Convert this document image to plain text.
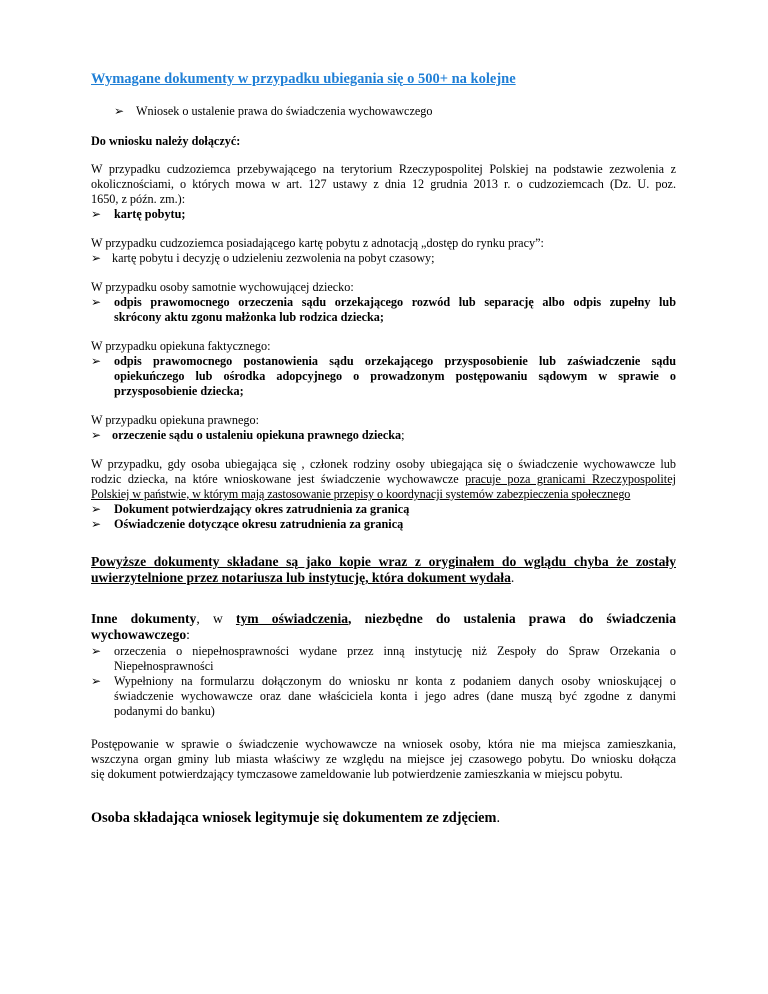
Wymagane dokumenty w przypadku ubiegania się o 500+ na kolejne
➢ Wniosek o ustalenie prawa do świadczenia wychowawczego
Do wniosku należy dołączyć:
W przypadku cudzoziemca przebywającego na terytorium Rzeczypospolitej Polskiej na podstawie zezwolenia z
okolicznościami, o których mowa w art. 127 ustawy z dnia 12 grudnia 2013 r. o cudzoziemcach (Dz. U. poz.
1650, z późn. zm.):
➢ kartę pobytu;
W przypadku cudzoziemca posiadającego kartę pobytu z adnotacją „dostęp do rynku pracy”:
➢ kartę pobytu i decyzję o udzieleniu zezwolenia na pobyt czasowy;
W przypadku osoby samotnie wychowującej dziecko:
➢ odpis prawomocnego orzeczenia sądu orzekającego rozwód lub separację albo odpis zupełny lub
skrócony aktu zgonu małżonka lub rodzica dziecka;
W przypadku opiekuna faktycznego:
➢ odpis prawomocnego postanowienia sądu orzekającego przysposobienie lub zaświadczenie sądu
opiekuńczego lub ośrodka adopcyjnego o prowadzonym postępowaniu sądowym w sprawie o
przysposobienie dziecka;
W przypadku opiekuna prawnego:
➢ orzeczenie sądu o ustaleniu opiekuna prawnego dziecka;
W przypadku, gdy osoba ubiegająca się , członek rodziny osoby ubiegająca się o świadczenie wychowawcze lub
rodzic dziecka, na które wnioskowane jest świadczenie wychowawcze pracuje poza granicami Rzeczypospolitej
Polskiej w państwie, w którym mają zastosowanie przepisy o koordynacji systemów zabezpieczenia społecznego
➢ Dokument potwierdzający okres zatrudnienia za granicą
➢ Oświadczenie dotyczące okresu zatrudnienia za granicą
Powyższe dokumenty składane są jako kopie wraz z oryginałem do wglądu chyba że zostały
uwierzytelnione przez notariusza lub instytucję, która dokument wydała.
Inne dokumenty, w tym oświadczenia, niezbędne do ustalenia prawa do świadczenia
wychowawczego:
➢ orzeczenia o niepełnosprawności wydane przez inną instytucję niż Zespoły do Spraw Orzekania o
Niepełnosprawności
➢ Wypełniony na formularzu dołączonym do wniosku nr konta z podaniem danych osoby wnioskującej o
świadczenie wychowawcze oraz dane właściciela konta i jego adres (dane muszą być zgodne z danymi
podanymi do banku)
Postępowanie w sprawie o świadczenie wychowawcze na wniosek osoby, która nie ma miejsca zamieszkania,
wszczyna organ gminy lub miasta właściwy ze względu na miejsce jej czasowego pobytu. Do wniosku dołącza
się dokument potwierdzający tymczasowe zameldowanie lub potwierdzenie zamieszkania w miejscu pobytu.
Osoba składająca wniosek legitymuje się dokumentem ze zdjęciem.
